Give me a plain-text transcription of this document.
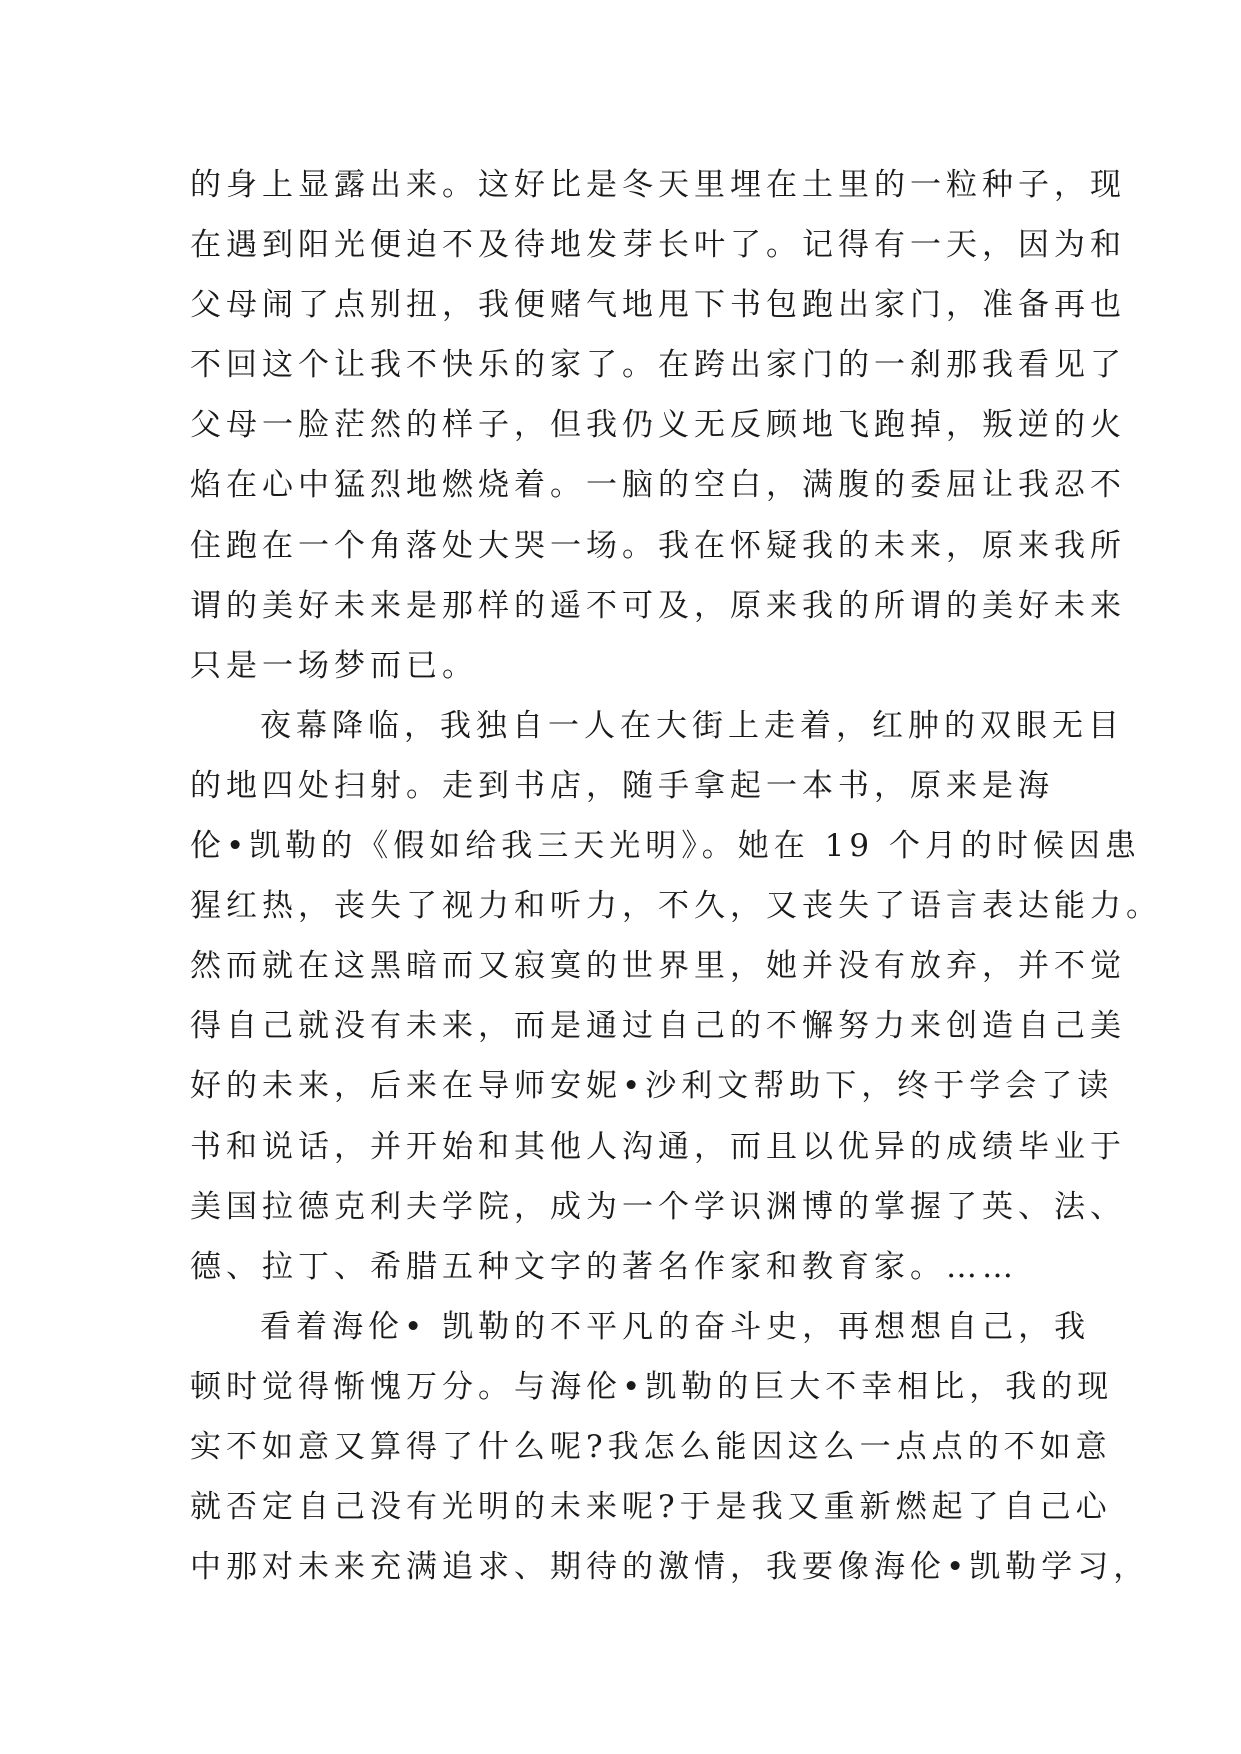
的身上显露出来。这好比是冬天里埋在土里的一粒种子，现
在遇到阳光便迫不及待地发芽长叶了。记得有一天，因为和
父母闹了点别扭，我便赌气地甩下书包跑出家门，准备再也
不回这个让我不快乐的家了。在跨出家门的一刹那我看见了
父母一脸茫然的样子，但我仍义无反顾地飞跑掉，叛逆的火
焰在心中猛烈地燃烧着。一脑的空白，满腹的委屈让我忍不
住跑在一个角落处大哭一场。我在怀疑我的未来，原来我所
谓的美好未来是那样的遥不可及，原来我的所谓的美好未来
只是一场梦而已。
夜幕降临，我独自一人在大街上走着，红肿的双眼无目
的地四处扫射。走到书店，随手拿起一本书，原来是海
伦•凯勒的《假如给我三天光明》。她在 19 个月的时候因患
猩红热，丧失了视力和听力，不久，又丧失了语言表达能力。
然而就在这黑暗而又寂寞的世界里，她并没有放弃，并不觉
得自己就没有未来，而是通过自己的不懈努力来创造自己美
好的未来，后来在导师安妮•沙利文帮助下，终于学会了读
书和说话，并开始和其他人沟通，而且以优异的成绩毕业于
美国拉德克利夫学院，成为一个学识渊博的掌握了英、法、
德、拉丁、希腊五种文字的著名作家和教育家。……
看着海伦• 凯勒的不平凡的奋斗史，再想想自己，我
顿时觉得惭愧万分。与海伦•凯勒的巨大不幸相比，我的现
实不如意又算得了什么呢?我怎么能因这么一点点的不如意
就否定自己没有光明的未来呢?于是我又重新燃起了自己心
中那对未来充满追求、期待的激情，我要像海伦•凯勒学习，
